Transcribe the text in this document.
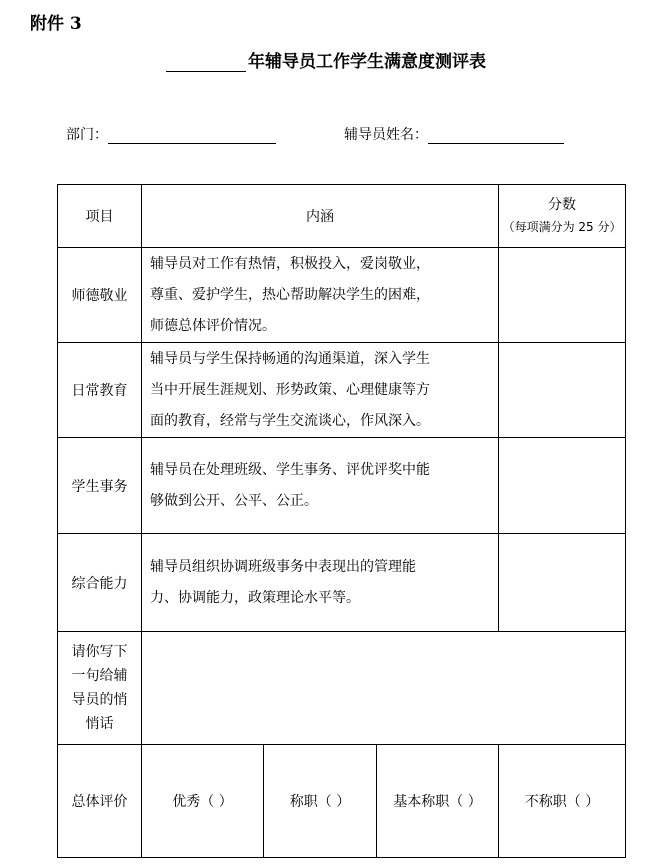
附件 3
年辅导员工作学生满意度测评表
部门：	辅导员姓名：
项目	内涵			分数
（每项满分为 25 分）

师德敬业	辅导员对工作有热情，积极投入，爱岗敬业，
尊重、爱护学生，热心帮助解决学生的困难，
师德总体评价情况。			

日常教育	辅导员与学生保持畅通的沟通渠道，深入学生
当中开展生涯规划、形势政策、心理健康等方
面的教育，经常与学生交流谈心，作风深入。			

学生事务	辅导员在处理班级、学生事务、评优评奖中能
够做到公开、公平、公正。			

综合能力	辅导员组织协调班级事务中表现出的管理能
力、协调能力，政策理论水平等。			

请你写下
一句给辅
导员的悄
悄话				

总体评价	优秀（ ）	称职（ ）	基本称职（ ）	不称职（ ）
